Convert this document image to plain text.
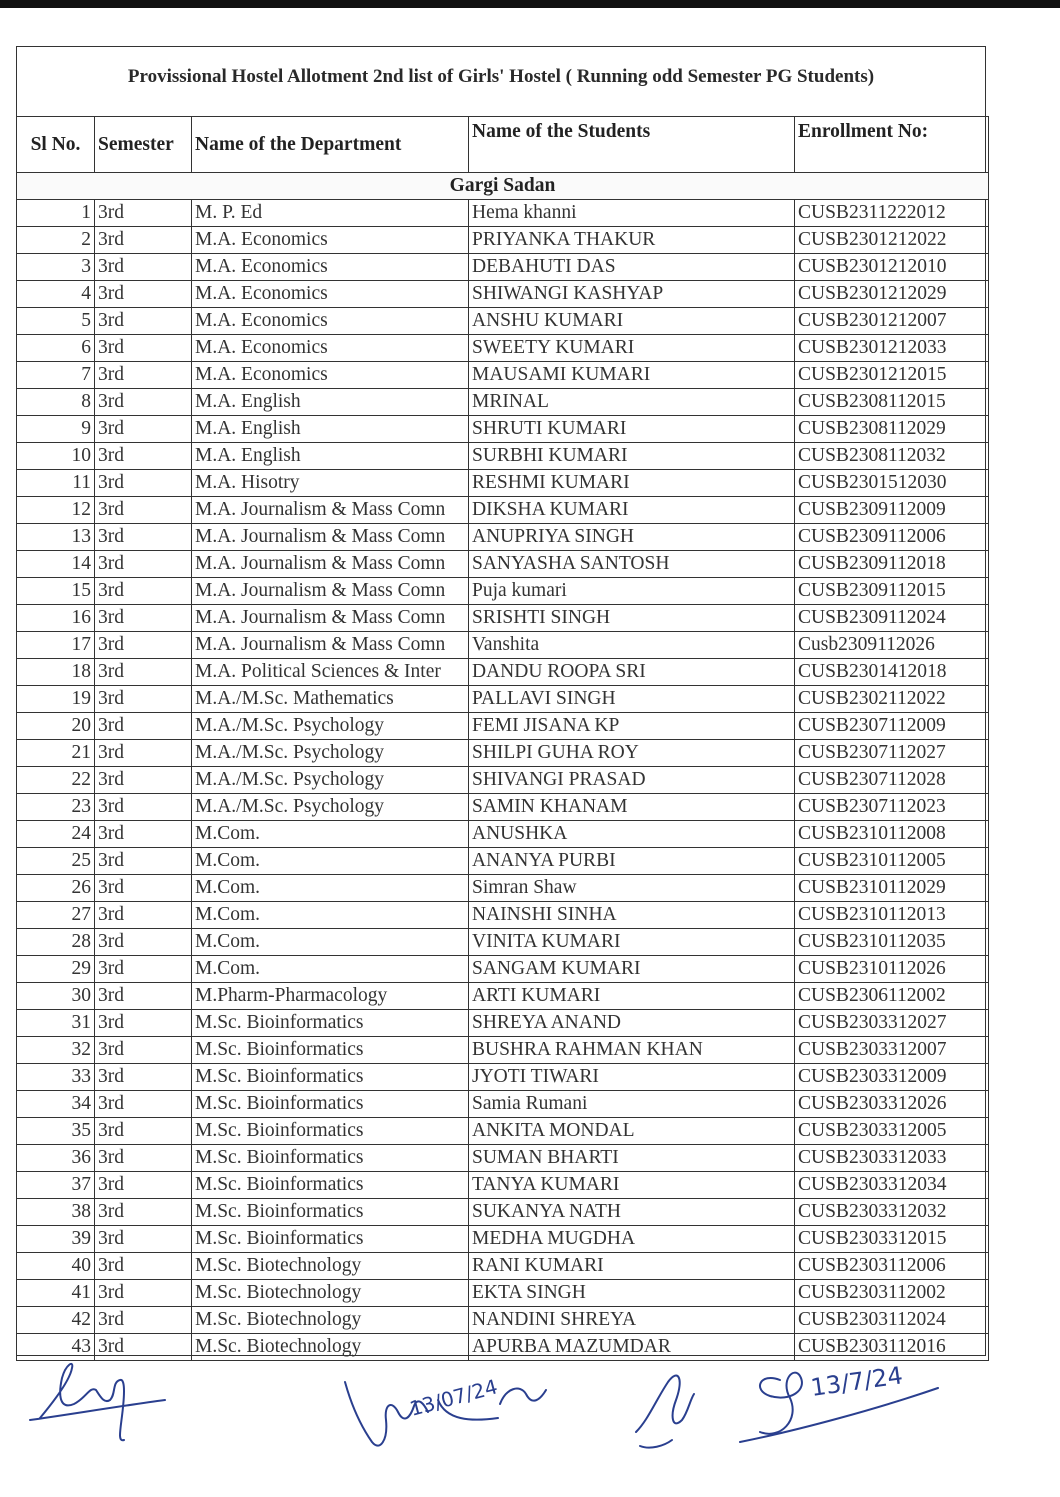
Provissional Hostel Allotment 2nd list of Girls' Hostel ( Running odd Semester PG Students)
Sl No.	Semester	Name of the Department	Name of the Students	Enrollment No:
Gargi Sadan				
1	3rd	M. P. Ed	Hema khanni	CUSB2311222012
2	3rd	M.A. Economics	PRIYANKA THAKUR	CUSB2301212022
3	3rd	M.A. Economics	DEBAHUTI DAS	CUSB2301212010
4	3rd	M.A. Economics	SHIWANGI KASHYAP	CUSB2301212029
5	3rd	M.A. Economics	ANSHU KUMARI	CUSB2301212007
6	3rd	M.A. Economics	SWEETY KUMARI	CUSB2301212033
7	3rd	M.A. Economics	MAUSAMI KUMARI	CUSB2301212015
8	3rd	M.A. English	MRINAL	CUSB2308112015
9	3rd	M.A. English	SHRUTI KUMARI	CUSB2308112029
10	3rd	M.A. English	SURBHI KUMARI	CUSB2308112032
11	3rd	M.A. Hisotry	RESHMI KUMARI	CUSB2301512030
12	3rd	M.A. Journalism & Mass Comn	DIKSHA KUMARI	CUSB2309112009
13	3rd	M.A. Journalism & Mass Comn	ANUPRIYA SINGH	CUSB2309112006
14	3rd	M.A. Journalism & Mass Comn	SANYASHA SANTOSH	CUSB2309112018
15	3rd	M.A. Journalism & Mass Comn	Puja kumari	CUSB2309112015
16	3rd	M.A. Journalism & Mass Comn	SRISHTI SINGH	CUSB2309112024
17	3rd	M.A. Journalism & Mass Comn	Vanshita	Cusb2309112026
18	3rd	M.A. Political Sciences & Inter	DANDU ROOPA SRI	CUSB2301412018
19	3rd	M.A./M.Sc. Mathematics	PALLAVI SINGH	CUSB2302112022
20	3rd	M.A./M.Sc. Psychology	FEMI JISANA KP	CUSB2307112009
21	3rd	M.A./M.Sc. Psychology	SHILPI GUHA ROY	CUSB2307112027
22	3rd	M.A./M.Sc. Psychology	SHIVANGI PRASAD	CUSB2307112028
23	3rd	M.A./M.Sc. Psychology	SAMIN KHANAM	CUSB2307112023
24	3rd	M.Com.	ANUSHKA	CUSB2310112008
25	3rd	M.Com.	ANANYA PURBI	CUSB2310112005
26	3rd	M.Com.	Simran Shaw	CUSB2310112029
27	3rd	M.Com.	NAINSHI SINHA	CUSB2310112013
28	3rd	M.Com.	VINITA KUMARI	CUSB2310112035
29	3rd	M.Com.	SANGAM KUMARI	CUSB2310112026
30	3rd	M.Pharm-Pharmacology	ARTI KUMARI	CUSB2306112002
31	3rd	M.Sc. Bioinformatics	SHREYA ANAND	CUSB2303312027
32	3rd	M.Sc. Bioinformatics	BUSHRA RAHMAN KHAN	CUSB2303312007
33	3rd	M.Sc. Bioinformatics	JYOTI TIWARI	CUSB2303312009
34	3rd	M.Sc. Bioinformatics	Samia Rumani	CUSB2303312026
35	3rd	M.Sc. Bioinformatics	ANKITA MONDAL	CUSB2303312005
36	3rd	M.Sc. Bioinformatics	SUMAN BHARTI	CUSB2303312033
37	3rd	M.Sc. Bioinformatics	TANYA KUMARI	CUSB2303312034
38	3rd	M.Sc. Bioinformatics	SUKANYA NATH	CUSB2303312032
39	3rd	M.Sc. Bioinformatics	MEDHA MUGDHA	CUSB2303312015
40	3rd	M.Sc. Biotechnology	RANI KUMARI	CUSB2303112006
41	3rd	M.Sc. Biotechnology	EKTA SINGH	CUSB2303112002
42	3rd	M.Sc. Biotechnology	NANDINI SHREYA	CUSB2303112024
43	3rd	M.Sc. Biotechnology	APURBA MAZUMDAR	CUSB2303112016
13/07/24	13/7/24
